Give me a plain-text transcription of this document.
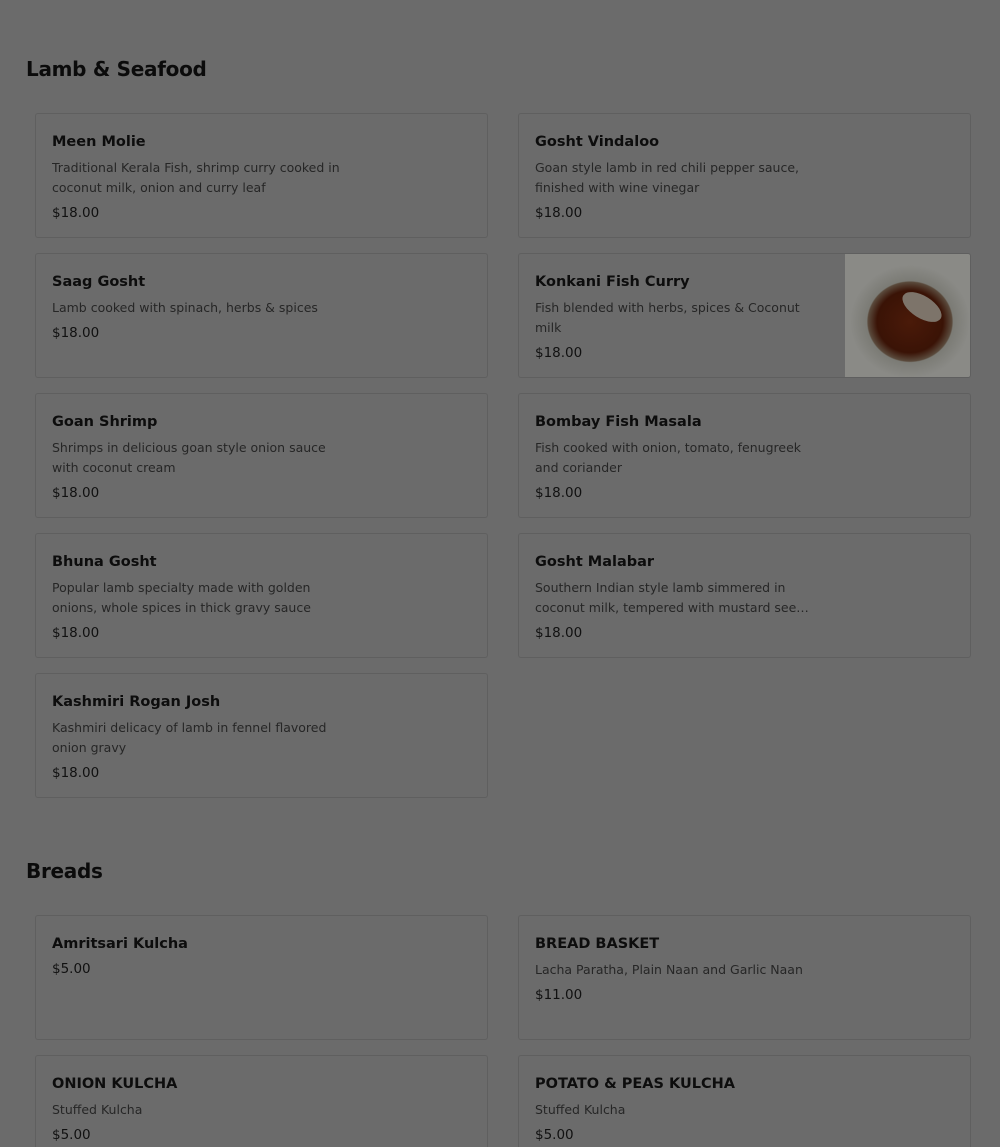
Lamb & Seafood
Meen Molie
Traditional Kerala Fish, shrimp curry cooked in coconut milk, onion and curry leaf
$18.00
Gosht Vindaloo
Goan style lamb in red chili pepper sauce, finished with wine vinegar
$18.00
Saag Gosht
Lamb cooked with spinach, herbs & spices
$18.00
Konkani Fish Curry
Fish blended with herbs, spices & Coconut milk
$18.00
Goan Shrimp
Shrimps in delicious goan style onion sauce with coconut cream
$18.00
Bombay Fish Masala
Fish cooked with onion, tomato, fenugreek and coriander
$18.00
Bhuna Gosht
Popular lamb specialty made with golden onions, whole spices in thick gravy sauce
$18.00
Gosht Malabar
Southern Indian style lamb simmered in coconut milk, tempered with mustard see…
$18.00
Kashmiri Rogan Josh
Kashmiri delicacy of lamb in fennel flavored onion gravy
$18.00
Breads
Amritsari Kulcha
$5.00
BREAD BASKET
Lacha Paratha, Plain Naan and Garlic Naan
$11.00
ONION KULCHA
Stuffed Kulcha
$5.00
POTATO & PEAS KULCHA
Stuffed Kulcha
$5.00
